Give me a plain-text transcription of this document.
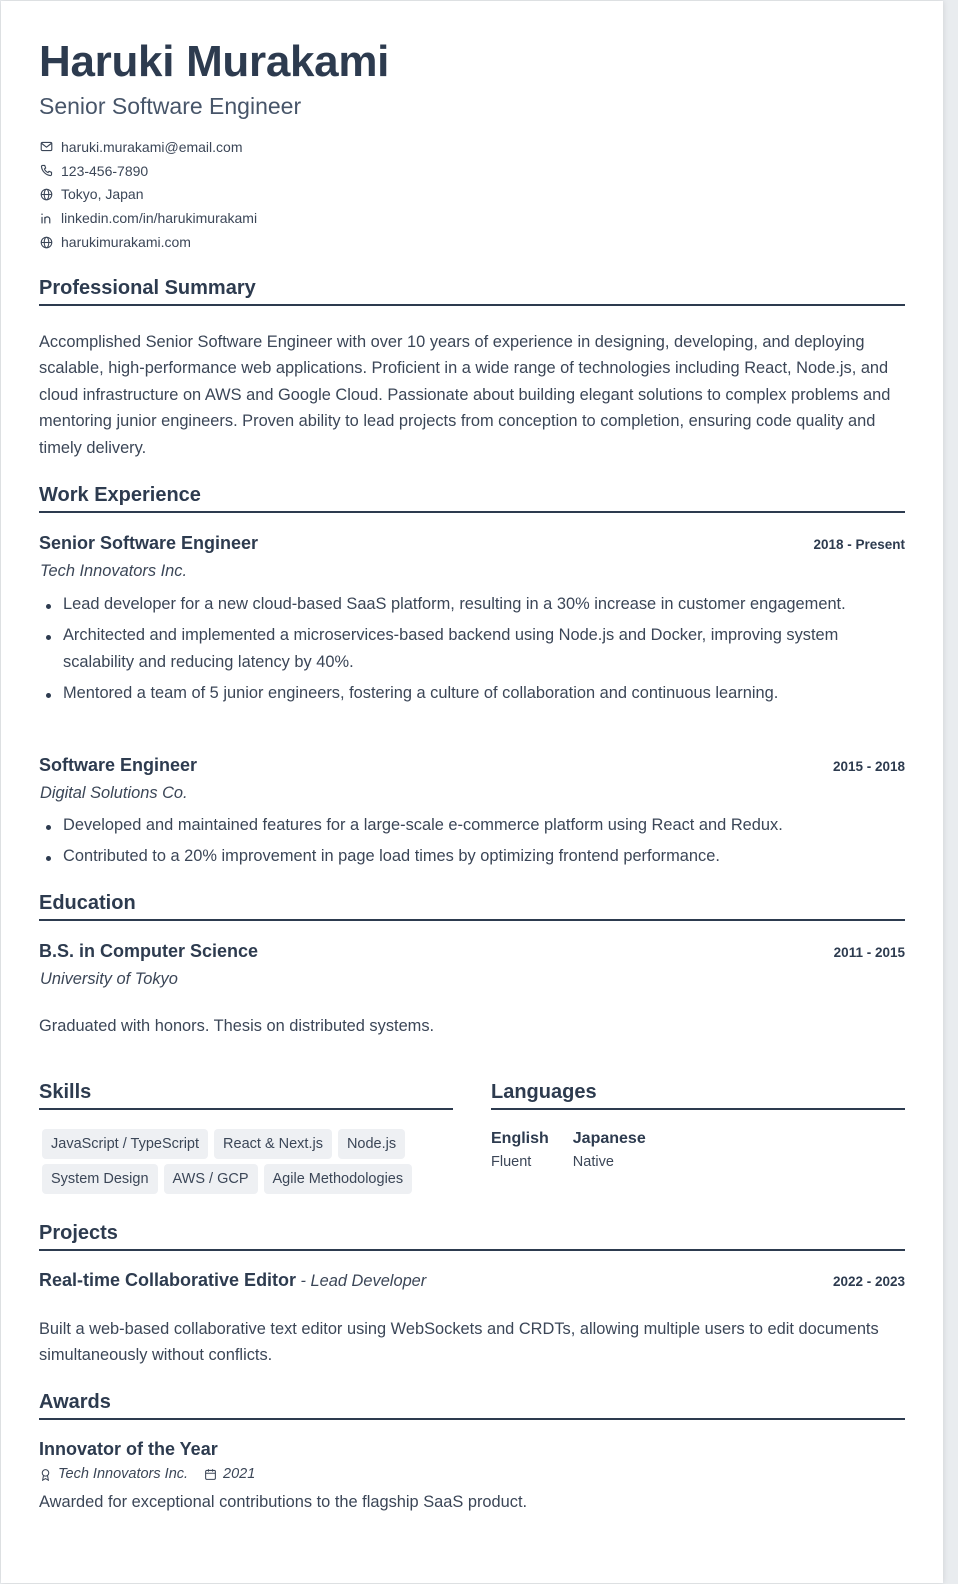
Haruki Murakami
Senior Software Engineer
haruki.murakami@email.com
123-456-7890
Tokyo, Japan
linkedin.com/in/harukimurakami
harukimurakami.com
Professional Summary
Accomplished Senior Software Engineer with over 10 years of experience in designing, developing, and deploying scalable, high-performance web applications. Proficient in a wide range of technologies including React, Node.js, and cloud infrastructure on AWS and Google Cloud. Passionate about building elegant solutions to complex problems and mentoring junior engineers. Proven ability to lead projects from conception to completion, ensuring code quality and timely delivery.
Work Experience
Senior Software Engineer	2018 - Present
Tech Innovators Inc.
Lead developer for a new cloud-based SaaS platform, resulting in a 30% increase in customer engagement.
Architected and implemented a microservices-based backend using Node.js and Docker, improving system scalability and reducing latency by 40%.
Mentored a team of 5 junior engineers, fostering a culture of collaboration and continuous learning.
Software Engineer	2015 - 2018
Digital Solutions Co.
Developed and maintained features for a large-scale e-commerce platform using React and Redux.
Contributed to a 20% improvement in page load times by optimizing frontend performance.
Education
B.S. in Computer Science	2011 - 2015
University of Tokyo
Graduated with honors. Thesis on distributed systems.
Skills
JavaScript / TypeScript	React & Next.js	Node.js
System Design	AWS / GCP	Agile Methodologies
Languages
English
Fluent
Japanese
Native
Projects
Real-time Collaborative Editor - Lead Developer	2022 - 2023
Built a web-based collaborative text editor using WebSockets and CRDTs, allowing multiple users to edit documents simultaneously without conflicts.
Awards
Innovator of the Year
Tech Innovators Inc. 2021
Awarded for exceptional contributions to the flagship SaaS product.
